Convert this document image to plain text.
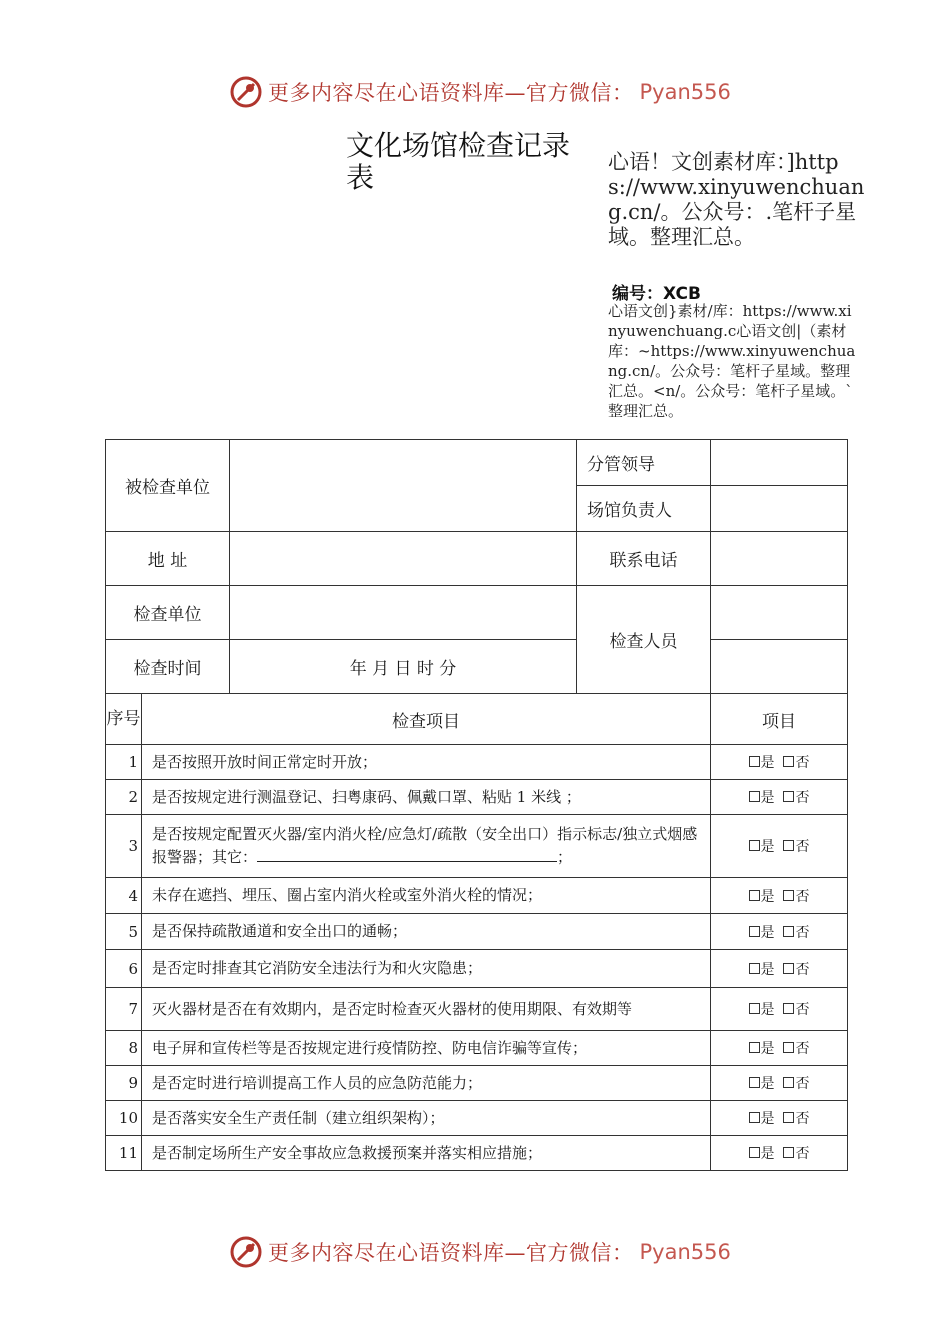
更多内容尽在心语资料库—官方微信： Pyan556
文化场馆检查记录表	心语！文创素材库：]https://www.xinyuwenchuang.cn/。公众号：.笔杆子星域。整理汇总。
编号：XCB
心语文创}素材/库：https://www.xinyuwenchuang.c心语文创|（素材库：~https://www.xinyuwenchuang.cn/。公众号：笔杆子星域。整理汇总。<n/。公众号：笔杆子星域。`整理汇总。
被检查单位		分管领导	
		场馆负责人	
地 址		联系电话	
检查单位		检查人员	
检查时间	年 月 日 时 分		
序号	检查项目	项目
1	是否按照开放时间正常定时开放；	是 否
2	是否按规定进行测温登记、扫粤康码、佩戴口罩、粘贴 1 米线 ；	是 否
3	是否按规定配置灭火器/室内消火栓/应急灯/疏散（安全出口）指示标志/独立式烟感报警器；其它： ；	是 否
4	未存在遮挡、埋压、圈占室内消火栓或室外消火栓的情况；	是 否
5	是否保持疏散通道和安全出口的通畅；	是 否
6	是否定时排查其它消防安全违法行为和火灾隐患；	是 否
7	灭火器材是否在有效期内，是否定时检查灭火器材的使用期限、有效期等	是 否
8	电子屏和宣传栏等是否按规定进行疫情防控、防电信诈骗等宣传；	是 否
9	是否定时进行培训提高工作人员的应急防范能力；	是 否
10	是否落实安全生产责任制（建立组织架构）；	是 否
11	是否制定场所生产安全事故应急救援预案并落实相应措施；	是 否
更多内容尽在心语资料库—官方微信： Pyan556
